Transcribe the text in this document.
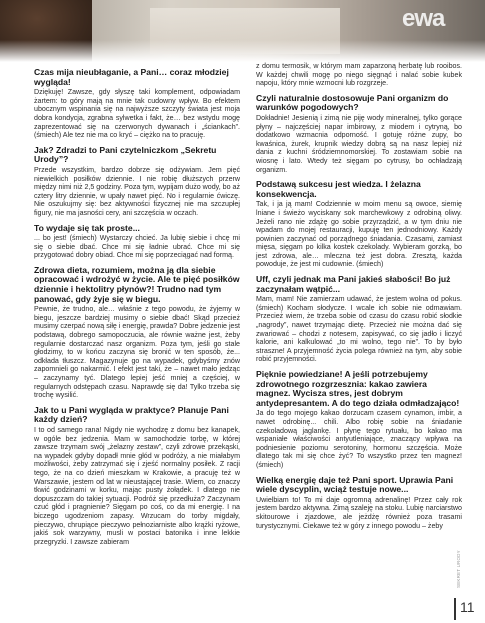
ewa
Czas mija nieubłaganie, a Pani… coraz młodziej wygląda!
Dziękuję! Zawsze, gdy słyszę taki komplement, odpowiadam żartem: to góry mają na mnie tak cudowny wpływ. Bo efektem ubocznym wspinania się na najwyższe szczyty świata jest moja dobra kondycja, zgrabna sylwetka i fakt, że… bez wstydu mogę zaprezentować się na czerwonych dywanach i „ściankach”. (śmiech) Ale tez nie ma co kryć – ciężko na to pracuję.
Jak? Zdradzi to Pani czytelniczkom „Sekretu Urody”?
Przede wszystkim, bardzo dobrze się odżywiam. Jem pięć niewielkich posiłków dziennie. I nie robię dłuższych przerw między nimi niż 2,5 godziny. Poza tym, wypijam dużo wody, bo aż cztery litry dziennie, w upały nawet pięć. No i regularnie ćwiczę. Nie oszukujmy się: bez aktywności fizycznej nie ma szczupłej figury, nie ma jasności cery, ani szczęścia w oczach.
To wydaje się tak proste...
... bo jest! (śmiech) Wystarczy chcieć. Ja lubię siebie i chcę mi się o siebie dbać. Chce mi się ładnie ubrać. Chce mi się przygotować dobry obiad. Chce mi się poprzeciągać nad formą.
Zdrowa dieta, rozumiem, można ją dla siebie opracować i wdrożyć w życie. Ale te pięć posiłków dziennie i hektolitry płynów?! Trudno nad tym panować, gdy żyje się w biegu.
Pewnie, że trudno, ale… właśnie z tego powodu, że żyjemy w biegu, jeszcze bardziej musimy o siebie dbać! Skąd przecież musimy czerpać nową siłę i energię, prawda? Dobre jedzenie jest podstawą, dobrego samopoczucia, ale równie ważne jest, żeby regularnie dostarczać nasz organizm. Poza tym, jeśli go stale głodzimy, to w końcu zaczyna się bronić w ten sposób, że... odkłada tłuszcz. Magazynuje go na wypadek, gdybyśmy znów zapomnieli go nakarmić. I efekt jest taki, że – nawet mało jedząc – zaczynamy tyć. Dlatego lepiej jeść mniej a częściej, w regularnych odstępach czasu. Naprawdę się da! Tylko trzeba się trochę wysilić.
Jak to u Pani wygląda w praktyce? Planuje Pani każdy dzień?
I to od samego rana! Nigdy nie wychodzę z domu bez kanapek, w ogóle bez jedzenia. Mam w samochodzie torbę, w której zawsze trzymam swój „żelazny zestaw”, czyli zdrowe przekąski, na wypadek gdyby dopadł mnie głód w podróży, a nie miałabym możliwości, żeby zatrzymać się i zjeść normalny posiłek. Z racji tego, że na co dzień mieszkam w Krakowie, a pracuję też w Warszawie, jestem od lat w nieustającej trasie. Wiem, co znaczy tkwić godzinami w korku, mając pusty żołądek. I dlatego nie dopuszczam do takiej sytuacji. Podróż się przedłuża? Zaczynam czuć głód i pragnienie? Sięgam po coś, co da mi energię. I na biczego ugodzeniom zapasy. Wrzucam do torby migdały, pieczywo, chrupiące pieczywo pełnoziarniste albo krążki ryżowe, jakiś sok warzywny, musli w postaci batonika i inne lekkie przegryzki. I zawsze zabieram
z domu termosik, w którym mam zaparzoną herbatę lub rooibos. W każdej chwili mogę po niego sięgnąć i nalać sobie kubek napoju, który mnie wzmocni lub rozgrzeje.
Czyli naturalnie dostosowuje Pani organizm do warunków pogodowych?
Dokładnie! Jesienią i zimą nie piję wody mineralnej, tylko gorące płyny – najczęściej napar imbirowy, z miodem i cytryną, bo dodatkowo wzmacnia odporność. I gotuję różne zupy, bo kwaśnica, żurek, krupnik wiedzy dobrą są na nasz lepiej niż dania z kuchni śródziemnomorskiej. To zostawiam sobie na wiosnę i lato. Wtedy też sięgam po cytrusy, bo ochładzają organizm.
Podstawą sukcesu jest wiedza. I żelazna konsekwencja.
Tak, i ja ją mam! Codziennie w moim menu są owoce, siemię lniane i świeżo wyciskany sok marchewkowy z odrobiną oliwy. Jeżeli rano nie zdążę go sobie przyrządzić, a w tym dniu nie wpadam do mojej restauracji, kupuję ten jednodniowy. Każdy powinien zaczynać od porządnego śniadania. Czasami, zamiast mięsa, sięgam po kilka kostek czekolady. Wybieram gorzką, bo jest zdrowa, ale… mleczna też jest dobra. Zresztą, każda powoduje, że jest mi cudownie. (śmiech)
Uff, czyli jednak ma Pani jakieś słabości! Bo już zaczynałam wątpić...
Mam, mam! Nie zamierzam udawać, że jestem wolna od pokus. (śmiech) Kocham słodycze. I wcale ich sobie nie odmawiam. Przecież wiem, że trzeba sobie od czasu do czasu robić słodkie „nagrody”, nawet trzymając dietę. Przecież nie można dać się zwariować – chodzi z notesem, zapisywać, co się jadło i liczyć kalorie, ani kalkulować „to mi wolno, tego nie”. To by było straszne! A przyjemność życia polega również na tym, aby sobie robić przyjemności.
Pięknie powiedziane! A jeśli potrzebujemy zdrowotnego rozgrzesznia: kakao zawiera magnez. Wycisza stres, jest dobrym antydepresantem. A do tego działa odmładzająco!
Ja do tego mojego kakao dorzucam czasem cynamon, imbir, a nawet odrobinę... chili. Albo robię sobie na śniadanie czekoladową jaglankę. I płynę tego rytuału, bo kakao ma wspaniałe właściwości antyutleniające, znaczący wpływa na podniesienie poziomu serotoniny, hormonu szczęścia. Może dlatego tak mi się chce żyć? To wszystko przez ten magnez! (śmiech)
Wielką energię daje też Pani sport. Uprawia Pani wiele dyscyplin, wciąż testuje nowe...
Uwielbiam to! To mi daje ogromną adrenalinę! Przez cały rok jestem bardzo aktywna. Zimą szaleję na stoku. Lubię narciarstwo skitourowe i zjazdowe, ale jeżdżę również poza trasami turystycznymi. Ciekawe też w góry z innego powodu – żeby
SEKRET URODY
11
